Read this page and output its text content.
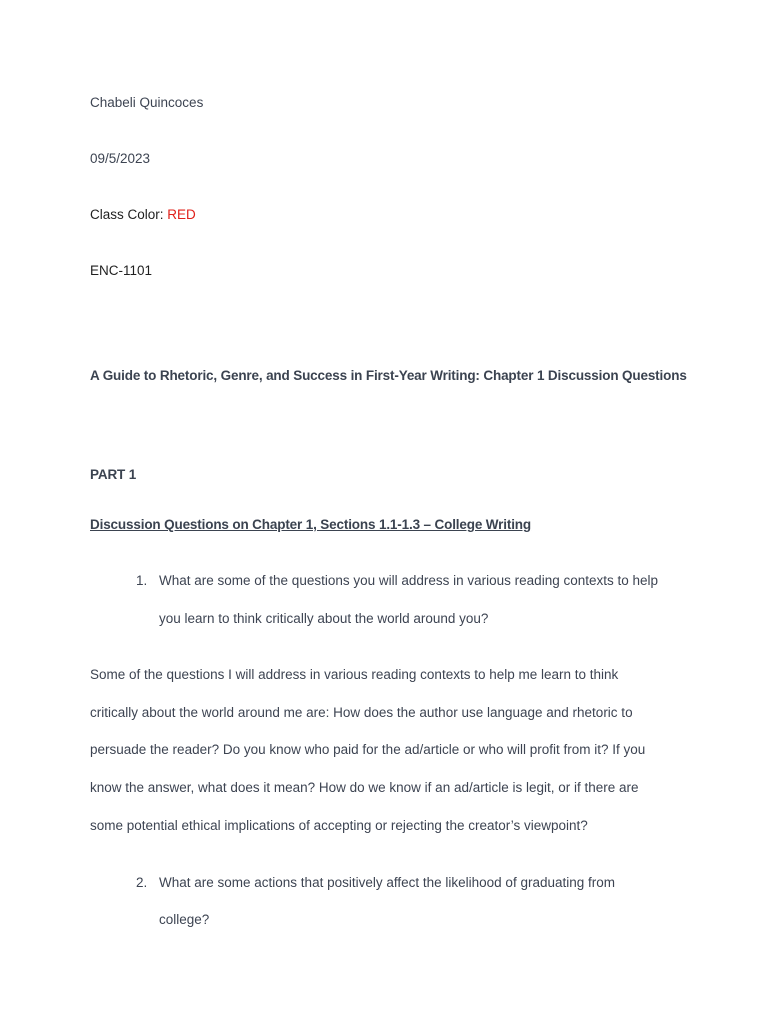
Chabeli Quincoces
09/5/2023
Class Color: RED
ENC-1101
A Guide to Rhetoric, Genre, and Success in First-Year Writing: Chapter 1 Discussion Questions
PART 1
Discussion Questions on Chapter 1, Sections 1.1-1.3 – College Writing
1. What are some of the questions you will address in various reading contexts to help
you learn to think critically about the world around you?
Some of the questions I will address in various reading contexts to help me learn to think
critically about the world around me are: How does the author use language and rhetoric to
persuade the reader? Do you know who paid for the ad/article or who will profit from it? If you
know the answer, what does it mean? How do we know if an ad/article is legit, or if there are
some potential ethical implications of accepting or rejecting the creator’s viewpoint?
2. What are some actions that positively affect the likelihood of graduating from
college?
